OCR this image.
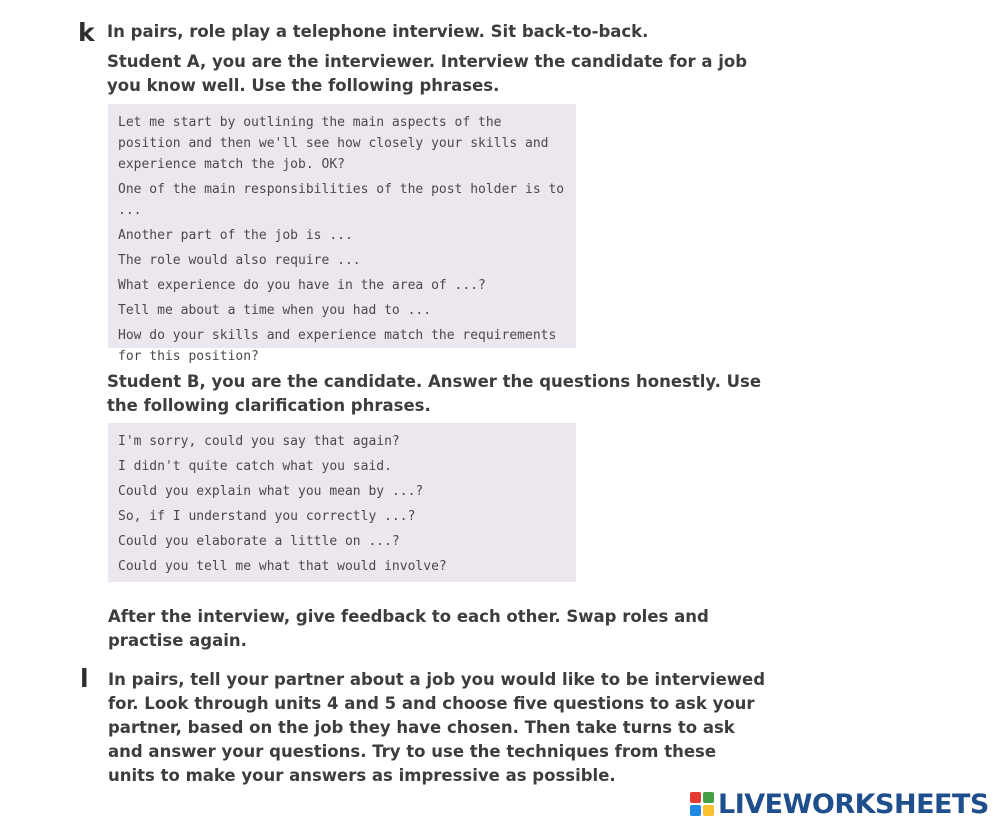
k In pairs, role play a telephone interview. Sit back-to-back.
Student A, you are the interviewer. Interview the candidate for a job you know well. Use the following phrases.
Let me start by outlining the main aspects of the position and then we'll see how closely your skills and experience match the job. OK?
One of the main responsibilities of the post holder is to ...
Another part of the job is ...
The role would also require ...
What experience do you have in the area of ...?
Tell me about a time when you had to ...
How do your skills and experience match the requirements for this position?
Student B, you are the candidate. Answer the questions honestly. Use the following clarification phrases.
I'm sorry, could you say that again?
I didn't quite catch what you said.
Could you explain what you mean by ...?
So, if I understand you correctly ...?
Could you elaborate a little on ...?
Could you tell me what that would involve?
After the interview, give feedback to each other. Swap roles and practise again.
l In pairs, tell your partner about a job you would like to be interviewed for. Look through units 4 and 5 and choose five questions to ask your partner, based on the job they have chosen. Then take turns to ask and answer your questions. Try to use the techniques from these units to make your answers as impressive as possible.
LIVEWORKSHEETS
